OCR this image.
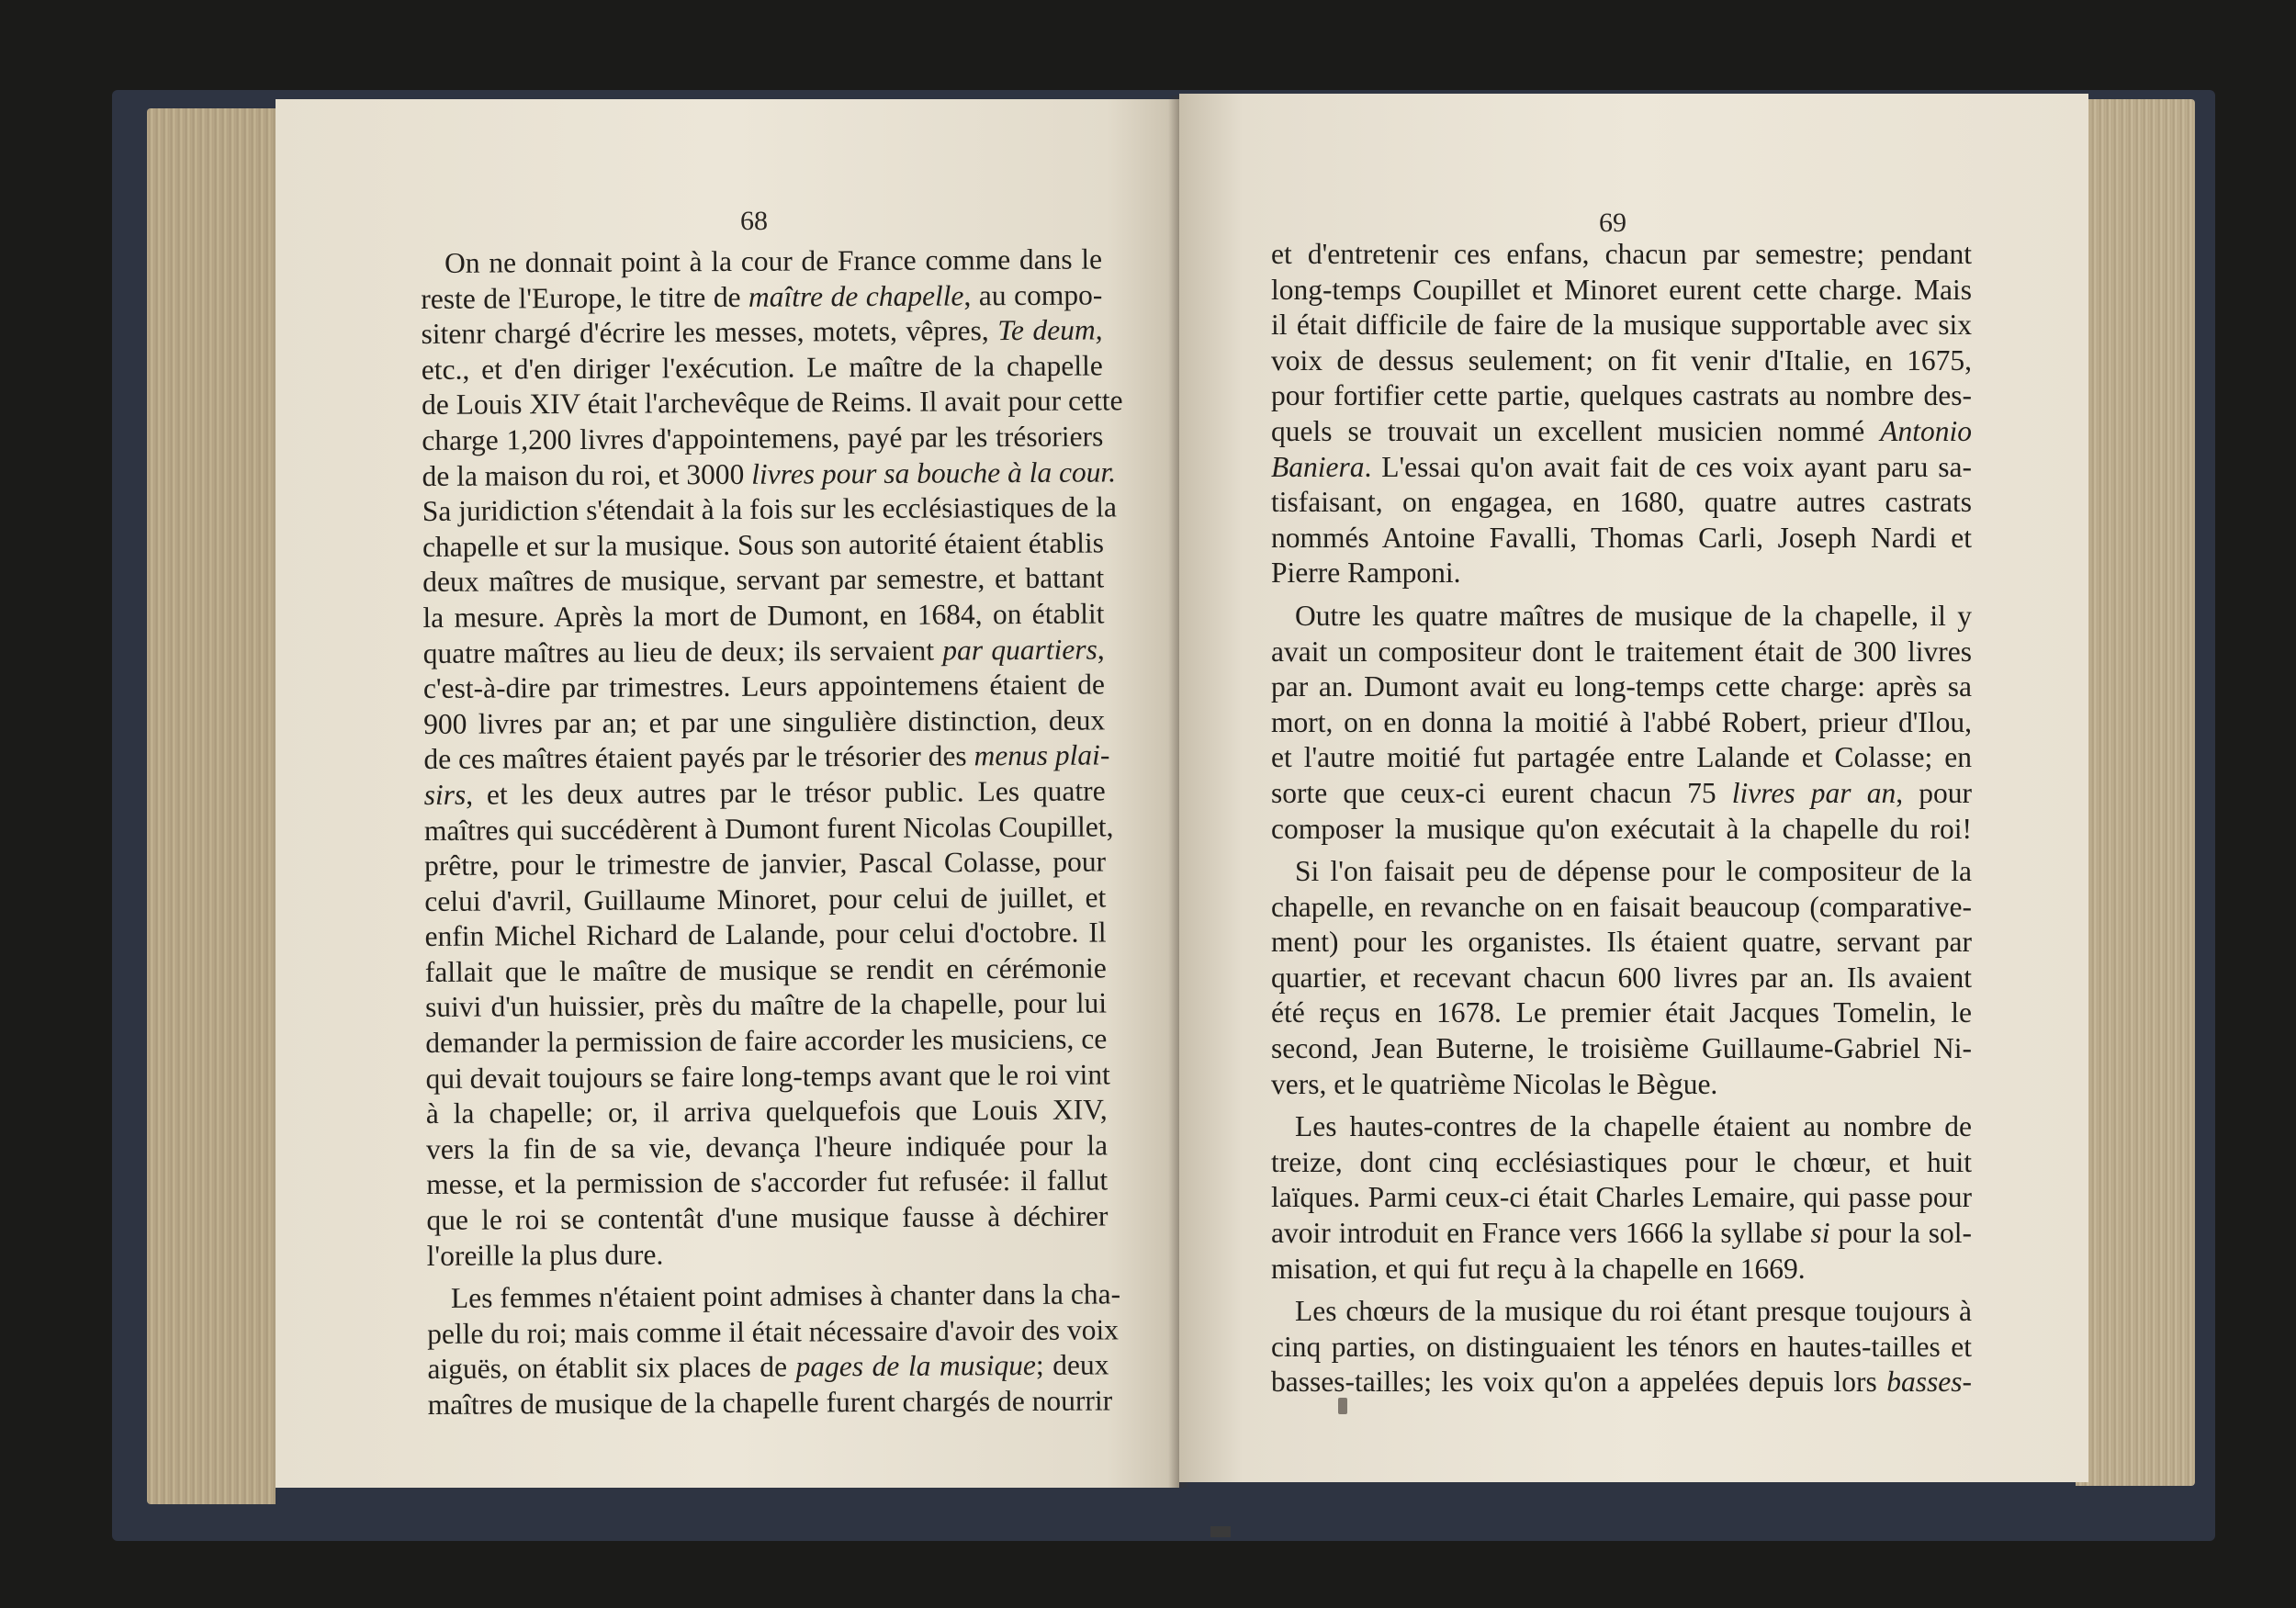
68

On ne donnait point à la cour de France comme dans le
reste de l'Europe, le titre de maître de chapelle, au compo-
sitenr chargé d'écrire les messes, motets, vêpres, Te deum,
etc., et d'en diriger l'exécution. Le maître de la chapelle
de Louis XIV était l'archevêque de Reims. Il avait pour cette
charge 1,200 livres d'appointemens, payé par les trésoriers
de la maison du roi, et 3000 livres pour sa bouche à la cour.
Sa juridiction s'étendait à la fois sur les ecclésiastiques de la
chapelle et sur la musique. Sous son autorité étaient établis
deux maîtres de musique, servant par semestre, et battant
la mesure. Après la mort de Dumont, en 1684, on établit
quatre maîtres au lieu de deux; ils servaient par quartiers,
c'est-à-dire par trimestres. Leurs appointemens étaient de
900 livres par an; et par une singulière distinction, deux
de ces maîtres étaient payés par le trésorier des menus plai-
sirs, et les deux autres par le trésor public. Les quatre
maîtres qui succédèrent à Dumont furent Nicolas Coupillet,
prêtre, pour le trimestre de janvier, Pascal Colasse, pour
celui d'avril, Guillaume Minoret, pour celui de juillet, et
enfin Michel Richard de Lalande, pour celui d'octobre. Il
fallait que le maître de musique se rendit en cérémonie
suivi d'un huissier, près du maître de la chapelle, pour lui
demander la permission de faire accorder les musiciens, ce
qui devait toujours se faire long-temps avant que le roi vint
à la chapelle; or, il arriva quelquefois que Louis XIV,
vers la fin de sa vie, devança l'heure indiquée pour la
messe, et la permission de s'accorder fut refusée: il fallut
que le roi se contentât d'une musique fausse à déchirer
l'oreille la plus dure.

Les femmes n'étaient point admises à chanter dans la cha-
pelle du roi; mais comme il était nécessaire d'avoir des voix
aiguës, on établit six places de pages de la musique; deux
maîtres de musique de la chapelle furent chargés de nourrir

69

et d'entretenir ces enfans, chacun par semestre; pendant
long-temps Coupillet et Minoret eurent cette charge. Mais
il était difficile de faire de la musique supportable avec six
voix de dessus seulement; on fit venir d'Italie, en 1675,
pour fortifier cette partie, quelques castrats au nombre des-
quels se trouvait un excellent musicien nommé Antonio
Baniera. L'essai qu'on avait fait de ces voix ayant paru sa-
tisfaisant, on engagea, en 1680, quatre autres castrats
nommés Antoine Favalli, Thomas Carli, Joseph Nardi et
Pierre Ramponi.

Outre les quatre maîtres de musique de la chapelle, il y
avait un compositeur dont le traitement était de 300 livres
par an. Dumont avait eu long-temps cette charge: après sa
mort, on en donna la moitié à l'abbé Robert, prieur d'Ilou,
et l'autre moitié fut partagée entre Lalande et Colasse; en
sorte que ceux-ci eurent chacun 75 livres par an, pour
composer la musique qu'on exécutait à la chapelle du roi!

Si l'on faisait peu de dépense pour le compositeur de la
chapelle, en revanche on en faisait beaucoup (comparative-
ment) pour les organistes. Ils étaient quatre, servant par
quartier, et recevant chacun 600 livres par an. Ils avaient
été reçus en 1678. Le premier était Jacques Tomelin, le
second, Jean Buterne, le troisième Guillaume-Gabriel Ni-
vers, et le quatrième Nicolas le Bègue.

Les hautes-contres de la chapelle étaient au nombre de
treize, dont cinq ecclésiastiques pour le chœur, et huit
laïques. Parmi ceux-ci était Charles Lemaire, qui passe pour
avoir introduit en France vers 1666 la syllabe si pour la sol-
misation, et qui fut reçu à la chapelle en 1669.

Les chœurs de la musique du roi étant presque toujours à
cinq parties, on distinguaient les ténors en hautes-tailles et
basses-tailles; les voix qu'on a appelées depuis lors basses-
